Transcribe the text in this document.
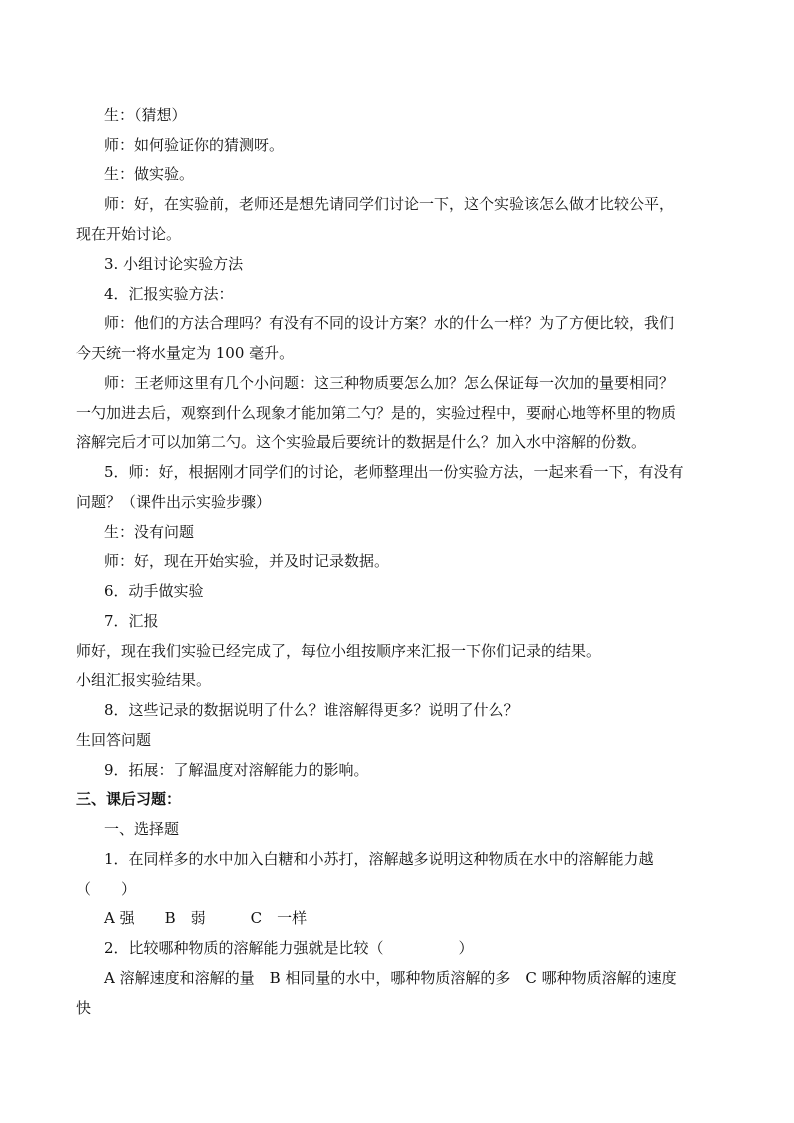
生：（猜想）
师：如何验证你的猜测呀。
生：做实验。
师：好，在实验前，老师还是想先请同学们讨论一下，这个实验该怎么做才比较公平，
现在开始讨论。
3. 小组讨论实验方法
4．汇报实验方法：
师：他们的方法合理吗？有没有不同的设计方案？水的什么一样？为了方便比较，我们
今天统一将水量定为 100 毫升。
师：王老师这里有几个小问题：这三种物质要怎么加？怎么保证每一次加的量要相同？
一勺加进去后，观察到什么现象才能加第二勺？是的，实验过程中，要耐心地等杯里的物质
溶解完后才可以加第二勺。这个实验最后要统计的数据是什么？加入水中溶解的份数。
5．师：好，根据刚才同学们的讨论，老师整理出一份实验方法，一起来看一下，有没有
问题？（课件出示实验步骤）
生：没有问题
师：好，现在开始实验，并及时记录数据。
6．动手做实验
7．汇报
师好，现在我们实验已经完成了，每位小组按顺序来汇报一下你们记录的结果。
小组汇报实验结果。
8．这些记录的数据说明了什么？谁溶解得更多？说明了什么？
生回答问题
9．拓展：了解温度对溶解能力的影响。
三、课后习题：
一、选择题
1．在同样多的水中加入白糖和小苏打，溶解越多说明这种物质在水中的溶解能力越
（　　）
A 强　　B　弱　　　C　一样
2．比较哪种物质的溶解能力强就是比较（　　　　　）
A 溶解速度和溶解的量　B 相同量的水中，哪种物质溶解的多　C 哪种物质溶解的速度
快
